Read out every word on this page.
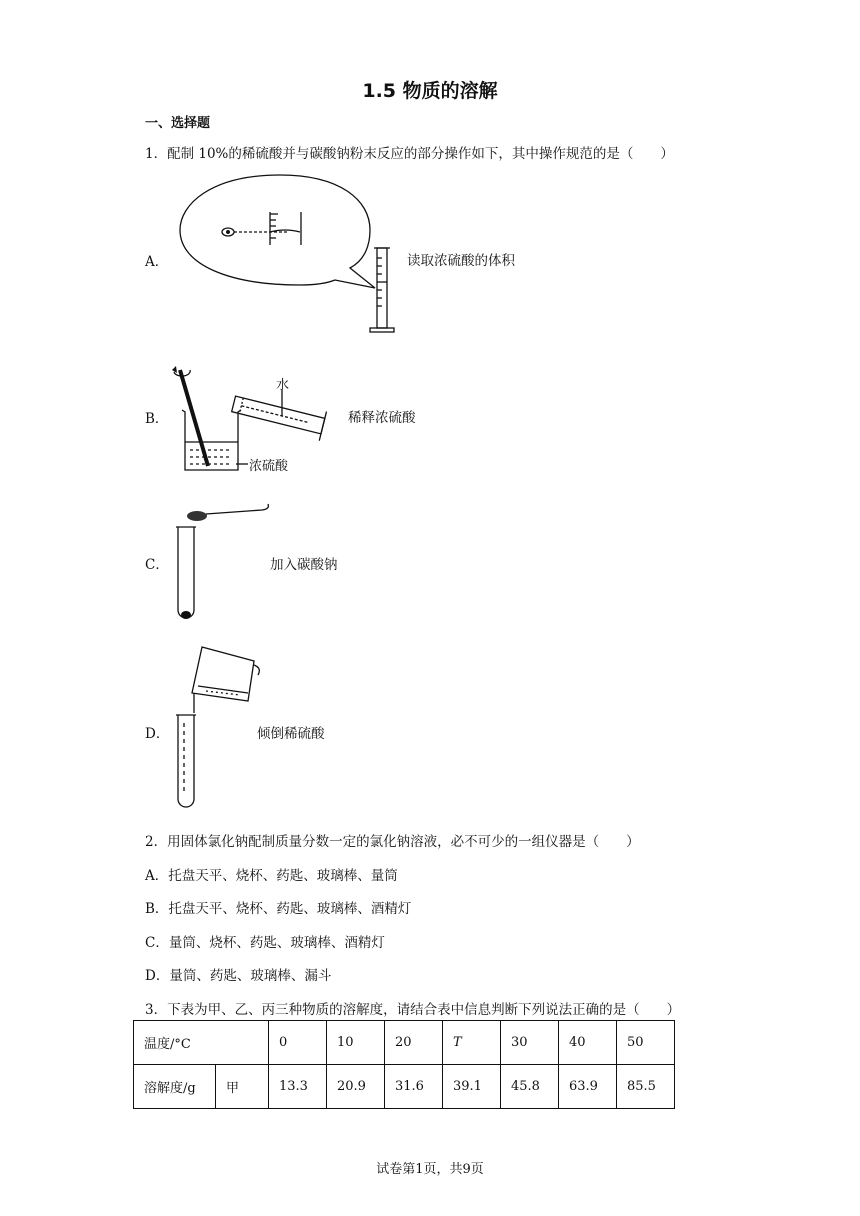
1.5 物质的溶解
一、选择题
1．配制 10%的稀硫酸并与碳酸钠粉末反应的部分操作如下，其中操作规范的是（　　）
A．	读取浓硫酸的体积
B．
水
浓硫酸
稀释浓硫酸
C．	加入碳酸钠
D．	倾倒稀硫酸
2．用固体氯化钠配制质量分数一定的氯化钠溶液，必不可少的一组仪器是（　　）
A．托盘天平、烧杯、药匙、玻璃棒、量筒
B．托盘天平、烧杯、药匙、玻璃棒、酒精灯
C．量筒、烧杯、药匙、玻璃棒、酒精灯
D．量筒、药匙、玻璃棒、漏斗
3．下表为甲、乙、丙三种物质的溶解度，请结合表中信息判断下列说法正确的是（　　）
温度/°C		0	10	20	T	30	40	50
溶解度/g	甲	13.3	20.9	31.6	39.1	45.8	63.9	85.5
试卷第1页，共9页
